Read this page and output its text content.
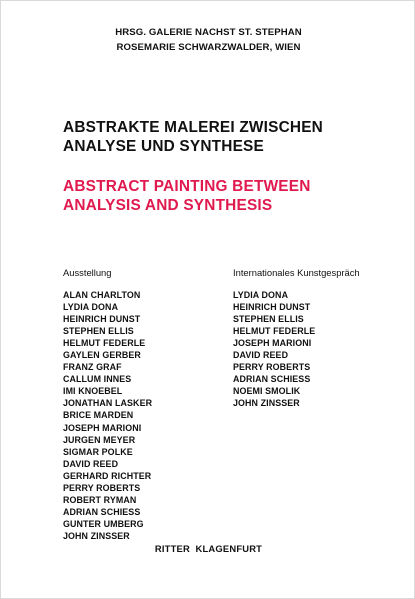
HRSG. GALERIE NACHST ST. STEPHAN
ROSEMARIE SCHWARZWALDER, WIEN
ABSTRAKTE MALEREI ZWISCHEN
ANALYSE UND SYNTHESE
ABSTRACT PAINTING BETWEEN
ANALYSIS AND SYNTHESIS
Ausstellung
ALAN CHARLTON
LYDIA DONA
HEINRICH DUNST
STEPHEN ELLIS
HELMUT FEDERLE
GAYLEN GERBER
FRANZ GRAF
CALLUM INNES
IMI KNOEBEL
JONATHAN LASKER
BRICE MARDEN
JOSEPH MARIONI
JURGEN MEYER
SIGMAR POLKE
DAVID REED
GERHARD RICHTER
PERRY ROBERTS
ROBERT RYMAN
ADRIAN SCHIESS
GUNTER UMBERG
JOHN ZINSSER
Internationales Kunstgespräch
LYDIA DONA
HEINRICH DUNST
STEPHEN ELLIS
HELMUT FEDERLE
JOSEPH MARIONI
DAVID REED
PERRY ROBERTS
ADRIAN SCHIESS
NOEMI SMOLIK
JOHN ZINSSER
RITTER  KLAGENFURT
